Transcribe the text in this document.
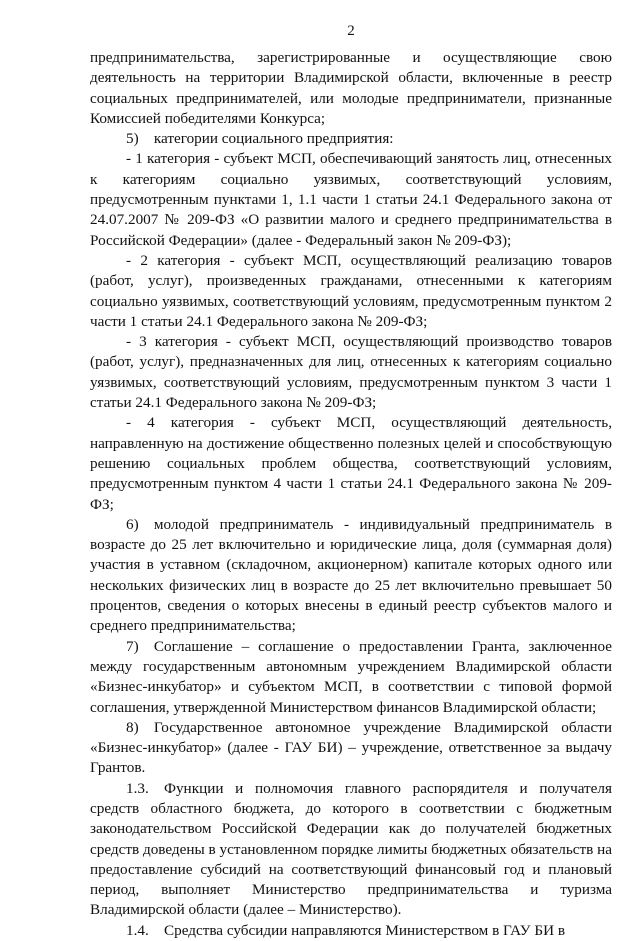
2

предпринимательства, зарегистрированные и осуществляющие свою деятельность на территории Владимирской области, включенные в реестр социальных предпринимателей, или молодые предприниматели, признанные Комиссией победителями Конкурса;

5) категории социального предприятия:

- 1 категория - субъект МСП, обеспечивающий занятость лиц, отнесенных к категориям социально уязвимых, соответствующий условиям, предусмотренным пунктами 1, 1.1 части 1 статьи 24.1 Федерального закона от 24.07.2007 № 209-ФЗ «О развитии малого и среднего предпринимательства в Российской Федерации» (далее - Федеральный закон № 209-ФЗ);

- 2 категория - субъект МСП, осуществляющий реализацию товаров (работ, услуг), произведенных гражданами, отнесенными к категориям социально уязвимых, соответствующий условиям, предусмотренным пунктом 2 части 1 статьи 24.1 Федерального закона № 209-ФЗ;

- 3 категория - субъект МСП, осуществляющий производство товаров (работ, услуг), предназначенных для лиц, отнесенных к категориям социально уязвимых, соответствующий условиям, предусмотренным пунктом 3 части 1 статьи 24.1 Федерального закона № 209-ФЗ;

- 4 категория - субъект МСП, осуществляющий деятельность, направленную на достижение общественно полезных целей и способствующую решению социальных проблем общества, соответствующий условиям, предусмотренным пунктом 4 части 1 статьи 24.1 Федерального закона № 209-ФЗ;

6) молодой предприниматель - индивидуальный предприниматель в возрасте до 25 лет включительно и юридические лица, доля (суммарная доля) участия в уставном (складочном, акционерном) капитале которых одного или нескольких физических лиц в возрасте до 25 лет включительно превышает 50 процентов, сведения о которых внесены в единый реестр субъектов малого и среднего предпринимательства;

7) Соглашение – соглашение о предоставлении Гранта, заключенное между государственным автономным учреждением Владимирской области «Бизнес-инкубатор» и субъектом МСП, в соответствии с типовой формой соглашения, утвержденной Министерством финансов Владимирской области;

8) Государственное автономное учреждение Владимирской области «Бизнес-инкубатор» (далее - ГАУ БИ) – учреждение, ответственное за выдачу Грантов.

1.3. Функции и полномочия главного распорядителя и получателя средств областного бюджета, до которого в соответствии с бюджетным законодательством Российской Федерации как до получателей бюджетных средств доведены в установленном порядке лимиты бюджетных обязательств на предоставление субсидий на соответствующий финансовый год и плановый период, выполняет Министерство предпринимательства и туризма Владимирской области (далее – Министерство).

1.4. Средства субсидии направляются Министерством в ГАУ БИ в
